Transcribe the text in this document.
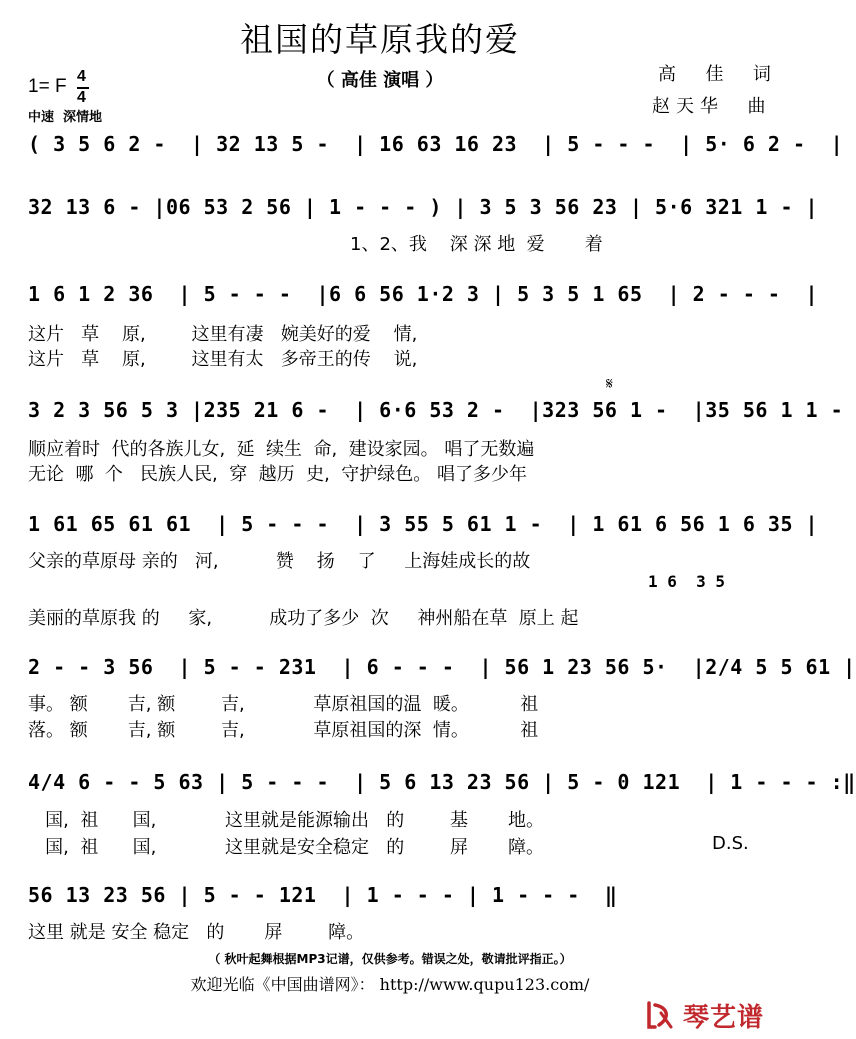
祖国的草原我的爱
（ 高佳 演唱 ）	高  佳  词
赵天华  曲
1= F 4
4
中速  深情地
( 3 5 6 2 -  | 32 13 5 -  | 16 63 16 23  | 5 - - -  | 5· 6 2 -  |
32 13 6 - |06 53 2 56 | 1 - - - ) | 3 5 3 56 23 | 5·6 321 1 - |
1、2、我    深 深 地  爱       着
1 6 1 2 36  | 5 - - -  |6 6 56 1·2 3 | 5 3 5 1 65  | 2 - - -  |
这片   草    原,        这里有凄   婉美好的爱    情,
这片   草    原,        这里有太   多帝王的传    说,
𝄋
3 2 3 56 5 3 |235 21 6 -  | 6·6 53 2 -  |323 56 1 -  |35 56 1 1 -
顺应着时  代的各族儿女,  延  续生  命,  建设家园。 唱了无数遍
无论  哪  个   民族人民,  穿  越历  史,  守护绿色。 唱了多少年
1 61 65 61 61  | 5 - - -  | 3 55 5 61 1 -  | 1 61 6 56 1 6 35 |
父亲的草原母 亲的   河,          赞    扬    了     上海娃成长的故
1 6  3 5
美丽的草原我 的     家,          成功了多少  次     神州船在草  原上 起
2 - - 3 56  | 5 - - 231  | 6 - - -  | 56 1 23 56 5·  |2/4 5 5 61 |
事。 额       吉, 额        吉,            草原祖国的温  暖。         祖
落。 额       吉, 额        吉,            草原祖国的深  情。         祖
4/4 6 - - 5 63 | 5 - - -  | 5 6 13 23 56 | 5 - 0 121  | 1 - - - :‖
国,  祖      国,            这里就是能源输出   的        基       地。
国,  祖      国,            这里就是安全稳定   的        屏       障。	D.S.
56 13 23 56 | 5 - - 121  | 1 - - - | 1 - - -  ‖
这里 就是 安全 稳定   的       屏        障。
（ 秋叶起舞根据MP3记谱，仅供参考。错误之处，敬请批评指正。）
欢迎光临《中国曲谱网》： http://www.qupu123.com/
琴艺谱
